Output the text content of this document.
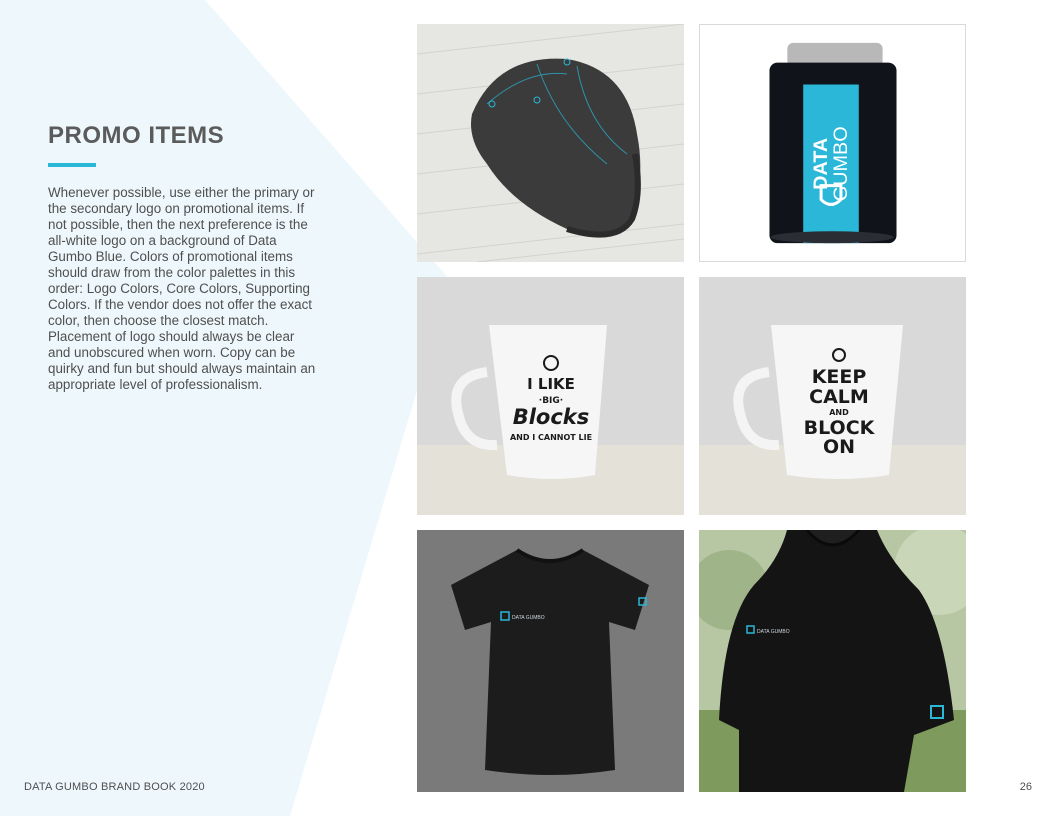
PROMO ITEMS

Whenever possible, use either the primary or the secondary logo on promotional items. If not possible, then the next preference is the all-white logo on a background of Data Gumbo Blue. Colors of promotional items should draw from the color palettes in this order: Logo Colors, Core Colors, Supporting Colors. If the vendor does not offer the exact color, then choose the closest match. Placement of logo should always be clear and unobscured when worn. Copy can be quirky and fun but should always maintain an appropriate level of professionalism.

DATA
GUMBO
I LIKE
·BIG·
Blocks
AND I CANNOT LIE
KEEP
CALM
AND
BLOCK
ON
DATA GUMBO
DATA GUMBO
DATA GUMBO BRAND BOOK 2020	26
